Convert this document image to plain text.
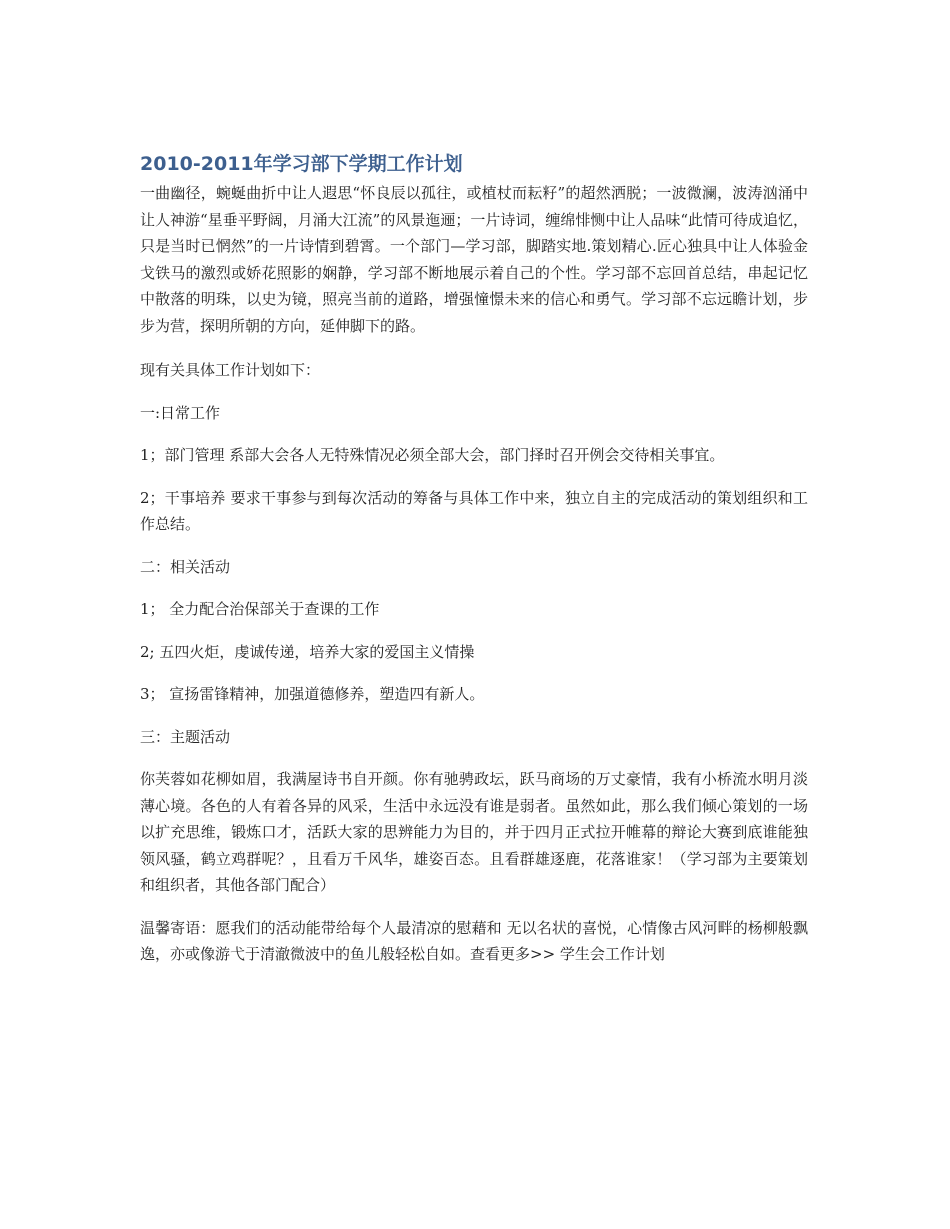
2010-2011年学习部下学期工作计划

一曲幽径，蜿蜒曲折中让人遐思“怀良辰以孤往，或植杖而耘籽”的超然洒脱；一波微澜，波涛汹涌中让人神游“星垂平野阔，月涌大江流”的风景迤逦；一片诗词，缠绵悱恻中让人品味“此情可待成追忆，只是当时已惘然”的一片诗情到碧霄。一个部门—学习部，脚踏实地.策划精心.匠心独具中让人体验金戈铁马的激烈或娇花照影的娴静，学习部不断地展示着自己的个性。学习部不忘回首总结，串起记忆中散落的明珠，以史为镜，照亮当前的道路，增强憧憬未来的信心和勇气。学习部不忘远瞻计划，步步为营，探明所朝的方向，延伸脚下的路。

现有关具体工作计划如下：

一:日常工作

1；部门管理 系部大会各人无特殊情况必须全部大会，部门择时召开例会交待相关事宜。

2；干事培养 要求干事参与到每次活动的筹备与具体工作中来，独立自主的完成活动的策划组织和工作总结。

二：相关活动

1； 全力配合治保部关于查课的工作

2; 五四火炬，虔诚传递，培养大家的爱国主义情操

3； 宣扬雷锋精神，加强道德修养，塑造四有新人。

三：主题活动

你芙蓉如花柳如眉，我满屋诗书自开颜。你有驰骋政坛，跃马商场的万丈豪情，我有小桥流水明月淡薄心境。各色的人有着各异的风采，生活中永远没有谁是弱者。虽然如此，那么我们倾心策划的一场以扩充思维，锻炼口才，活跃大家的思辨能力为目的，并于四月正式拉开帷幕的辩论大赛到底谁能独领风骚，鹤立鸡群呢？，且看万千风华，雄姿百态。且看群雄逐鹿，花落谁家！（学习部为主要策划和组织者，其他各部门配合）

温馨寄语：愿我们的活动能带给每个人最清凉的慰藉和 无以名状的喜悦，心情像古风河畔的杨柳般飘逸，亦或像游弋于清澈微波中的鱼儿般轻松自如。查看更多>> 学生会工作计划
